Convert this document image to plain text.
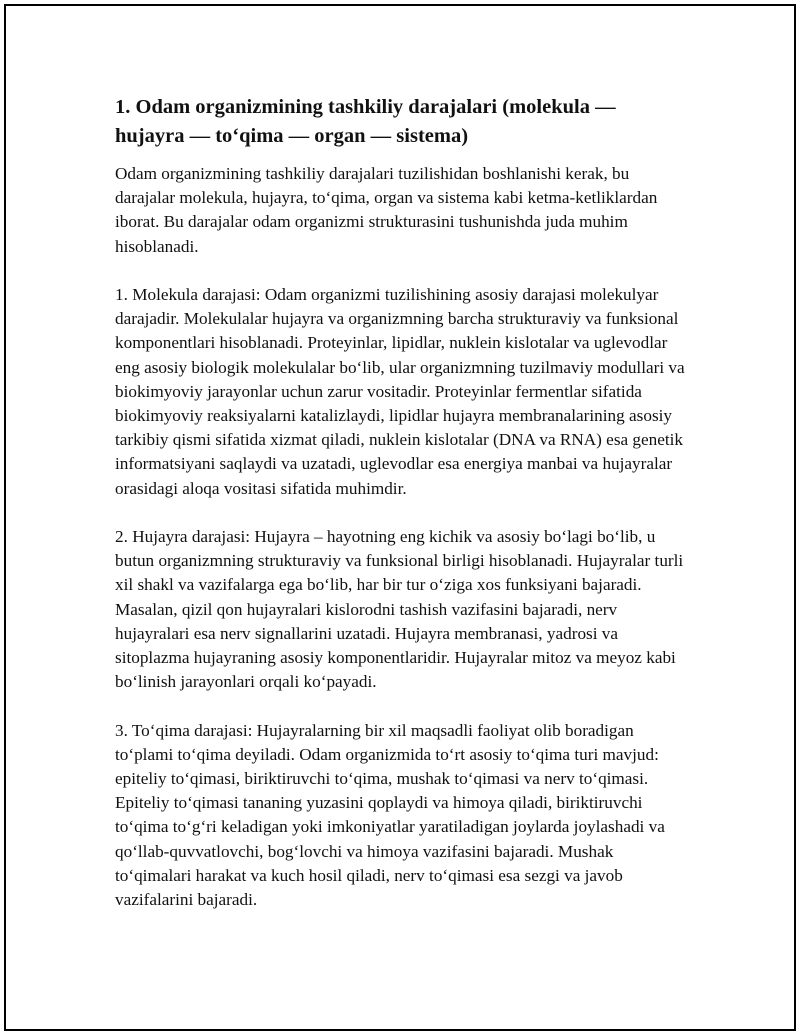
1. Odam organizmining tashkiliy darajalari (molekula — hujayra — to‘qima — organ — sistema)

Odam organizmining tashkiliy darajalari tuzilishidan boshlanishi kerak, bu darajalar molekula, hujayra, to‘qima, organ va sistema kabi ketma-ketliklardan iborat. Bu darajalar odam organizmi strukturasini tushunishda juda muhim hisoblanadi.

1. Molekula darajasi: Odam organizmi tuzilishining asosiy darajasi molekulyar darajadir. Molekulalar hujayra va organizmning barcha strukturaviy va funksional komponentlari hisoblanadi. Proteyinlar, lipidlar, nuklein kislotalar va uglevodlar eng asosiy biologik molekulalar bo‘lib, ular organizmning tuzilmaviy modullari va biokimyoviy jarayonlar uchun zarur vositadir. Proteyinlar fermentlar sifatida biokimyoviy reaksiyalarni katalizlaydi, lipidlar hujayra membranalarining asosiy tarkibiy qismi sifatida xizmat qiladi, nuklein kislotalar (DNA va RNA) esa genetik informatsiyani saqlaydi va uzatadi, uglevodlar esa energiya manbai va hujayralar orasidagi aloqa vositasi sifatida muhimdir.

2. Hujayra darajasi: Hujayra – hayotning eng kichik va asosiy bo‘lagi bo‘lib, u butun organizmning strukturaviy va funksional birligi hisoblanadi. Hujayralar turli xil shakl va vazifalarga ega bo‘lib, har bir tur o‘ziga xos funksiyani bajaradi. Masalan, qizil qon hujayralari kislorodni tashish vazifasini bajaradi, nerv hujayralari esa nerv signallarini uzatadi. Hujayra membranasi, yadrosi va sitoplazma hujayraning asosiy komponentlaridir. Hujayralar mitoz va meyoz kabi bo‘linish jarayonlari orqali ko‘payadi.

3. To‘qima darajasi: Hujayralarning bir xil maqsadli faoliyat olib boradigan to‘plami to‘qima deyiladi. Odam organizmida to‘rt asosiy to‘qima turi mavjud: epiteliy to‘qimasi, biriktiruvchi to‘qima, mushak to‘qimasi va nerv to‘qimasi. Epiteliy to‘qimasi tananing yuzasini qoplaydi va himoya qiladi, biriktiruvchi to‘qima to‘g‘ri keladigan yoki imkoniyatlar yaratiladigan joylarda joylashadi va qo‘llab-quvvatlovchi, bog‘lovchi va himoya vazifasini bajaradi. Mushak to‘qimalari harakat va kuch hosil qiladi, nerv to‘qimasi esa sezgi va javob vazifalarini bajaradi.
